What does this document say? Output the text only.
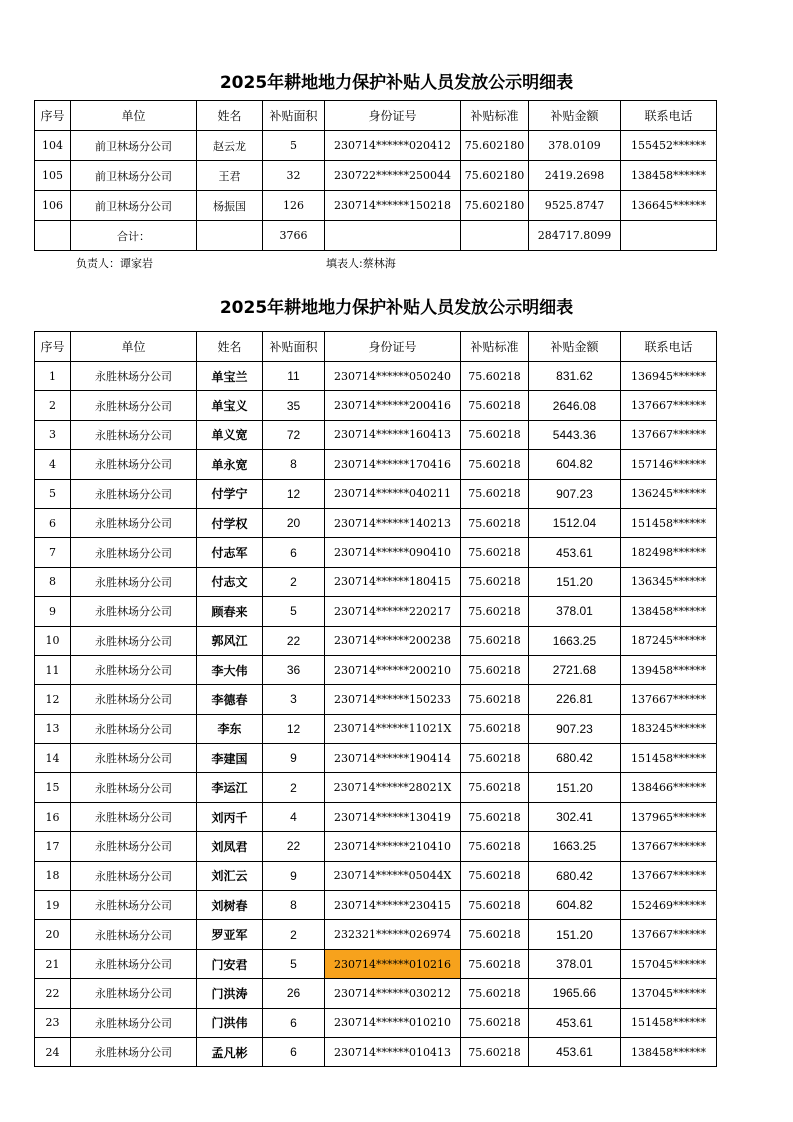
2025年耕地地力保护补贴人员发放公示明细表
序号	单位	姓名	补贴面积	身份证号	补贴标准	补贴金额	联系电话
104	前卫林场分公司	赵云龙	5	230714******020412	75.602180	378.0109	155452******
105	前卫林场分公司	王君	32	230722******250044	75.602180	2419.2698	138458******
106	前卫林场分公司	杨振国	126	230714******150218	75.602180	9525.8747	136645******
	合计：		3766			284717.8099	
负责人：谭家岩	填表人:蔡林海
2025年耕地地力保护补贴人员发放公示明细表
序号	单位	姓名	补贴面积	身份证号	补贴标准	补贴金额	联系电话
1	永胜林场分公司	单宝兰	11	230714******050240	75.60218	831.62	136945******
2	永胜林场分公司	单宝义	35	230714******200416	75.60218	2646.08	137667******
3	永胜林场分公司	单义宽	72	230714******160413	75.60218	5443.36	137667******
4	永胜林场分公司	单永宽	8	230714******170416	75.60218	604.82	157146******
5	永胜林场分公司	付学宁	12	230714******040211	75.60218	907.23	136245******
6	永胜林场分公司	付学权	20	230714******140213	75.60218	1512.04	151458******
7	永胜林场分公司	付志军	6	230714******090410	75.60218	453.61	182498******
8	永胜林场分公司	付志文	2	230714******180415	75.60218	151.20	136345******
9	永胜林场分公司	顾春来	5	230714******220217	75.60218	378.01	138458******
10	永胜林场分公司	郭风江	22	230714******200238	75.60218	1663.25	187245******
11	永胜林场分公司	李大伟	36	230714******200210	75.60218	2721.68	139458******
12	永胜林场分公司	李德春	3	230714******150233	75.60218	226.81	137667******
13	永胜林场分公司	李东	12	230714******11021X	75.60218	907.23	183245******
14	永胜林场分公司	李建国	9	230714******190414	75.60218	680.42	151458******
15	永胜林场分公司	李运江	2	230714******28021X	75.60218	151.20	138466******
16	永胜林场分公司	刘丙千	4	230714******130419	75.60218	302.41	137965******
17	永胜林场分公司	刘凤君	22	230714******210410	75.60218	1663.25	137667******
18	永胜林场分公司	刘汇云	9	230714******05044X	75.60218	680.42	137667******
19	永胜林场分公司	刘树春	8	230714******230415	75.60218	604.82	152469******
20	永胜林场分公司	罗亚军	2	232321******026974	75.60218	151.20	137667******
21	永胜林场分公司	门安君	5	230714******010216	75.60218	378.01	157045******
22	永胜林场分公司	门洪涛	26	230714******030212	75.60218	1965.66	137045******
23	永胜林场分公司	门洪伟	6	230714******010210	75.60218	453.61	151458******
24	永胜林场分公司	孟凡彬	6	230714******010413	75.60218	453.61	138458******
